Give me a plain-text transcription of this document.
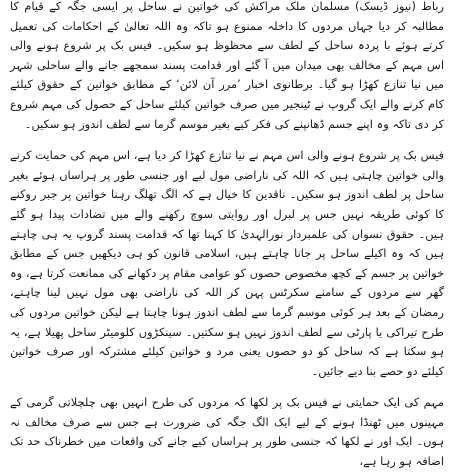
رباط (نیوز ڈیسک) مسلمان ملک مراکش کی خواتین نے ساحل پر ایسی جگہ کے قیام کا مطالبہ کر دیا جہاں مردوں کا داخلہ ممنوع ہو تاکہ وہ اللہ تعالیٰ کے احکامات کی تعمیل کرتے ہوئے با پردہ ساحل کے لطف سے محظوظ ہو سکیں۔ فیس بک پر شروع ہونے والی اس مہم کے مخالف بھی میدان میں آ گئے اور قدامت پسند سمجھے جانے والے ساحلی شہر میں نیا تنازع کھڑا ہو گیا۔ برطانوی اخبار ’مرر آن لائن‘ کے مطابق خواتین کے حقوق کیلئے کام کرنے والے ایک گروپ نے ٹینجیر میں صرف خواتین کیلئے ساحل کے حصول کی مہم شروع کر دی تاکہ وہ اپنے جسم ڈھانپنے کی فکر کیے بغیر موسم گرما سے لطف اندوز ہو سکیں۔

فیس بک پر شروع ہونے والی اس مہم نے نیا تنازع کھڑا کر دیا ہے، اس مہم کی حمایت کرنے والی خواتین چاہتی ہیں کہ اللہ کی ناراضی مول لیے اور جنسی طور پر ہراساں ہوئے بغیر ساحل پر لطف اندوز ہو سکیں۔ ناقدین کا خیال ہے کہ الگ تھلگ رہنا خواتین پر جبر روکنے کا کوئی طریقہ نہیں جس پر لبرل اور روایتی سوچ رکھنے والے میں تضادات پیدا ہو گئے ہیں۔ حقوق نسواں کی علمبردار نورالہدیٰ کا کہنا تھا کہ قدامت پسند گروپ یہ ہی چاہتے ہیں کہ وہ اکیلے ساحل پر جانا چاہتے ہیں، اسلامی قانون کو ہی دیکھیں جس کے مطابق خواتین پر جسم کے کچھ مخصوص حصوں کو عوامی مقام پر دکھانے کی ممانعت کرتا ہے، وہ گھر سے مردوں کے سامنے سکرٹس پہن کر اللہ کی ناراضی بھی مول نہیں لینا چاہتے، رمضان کے بعد ہر کوئی موسم گرما سے لطف اندوز ہونا چاہتا ہے لیکن خواتین مردوں کی طرح تیراکی یا پارٹی سے لطف اندوز نہیں ہو سکتیں۔ سینکڑوں کلومیٹر ساحل پھیلا ہے، یہ ہو سکتا ہے کہ ساحل کو دو حصوں یعنی مرد و خواتین کیلئے مشترکہ اور صرف خواتین کیلئے دو حصے بنا دیے جائیں۔

مہم کی ایک حمایتی نے فیس بک پر لکھا کہ مردوں کی طرح انہیں بھی چلچلاتی گرمی کے مہینوں میں ٹھنڈا ہونے کے لیے ایک الگ جگہ کی ضرورت ہے جس سے صرف مخالف نہ ہوں۔ ایک اور نے لکھا کہ جنسی طور پر ہراساں کیے جانے کی واقعات میں خطرناک حد تک اضافہ ہو رہا ہے،
